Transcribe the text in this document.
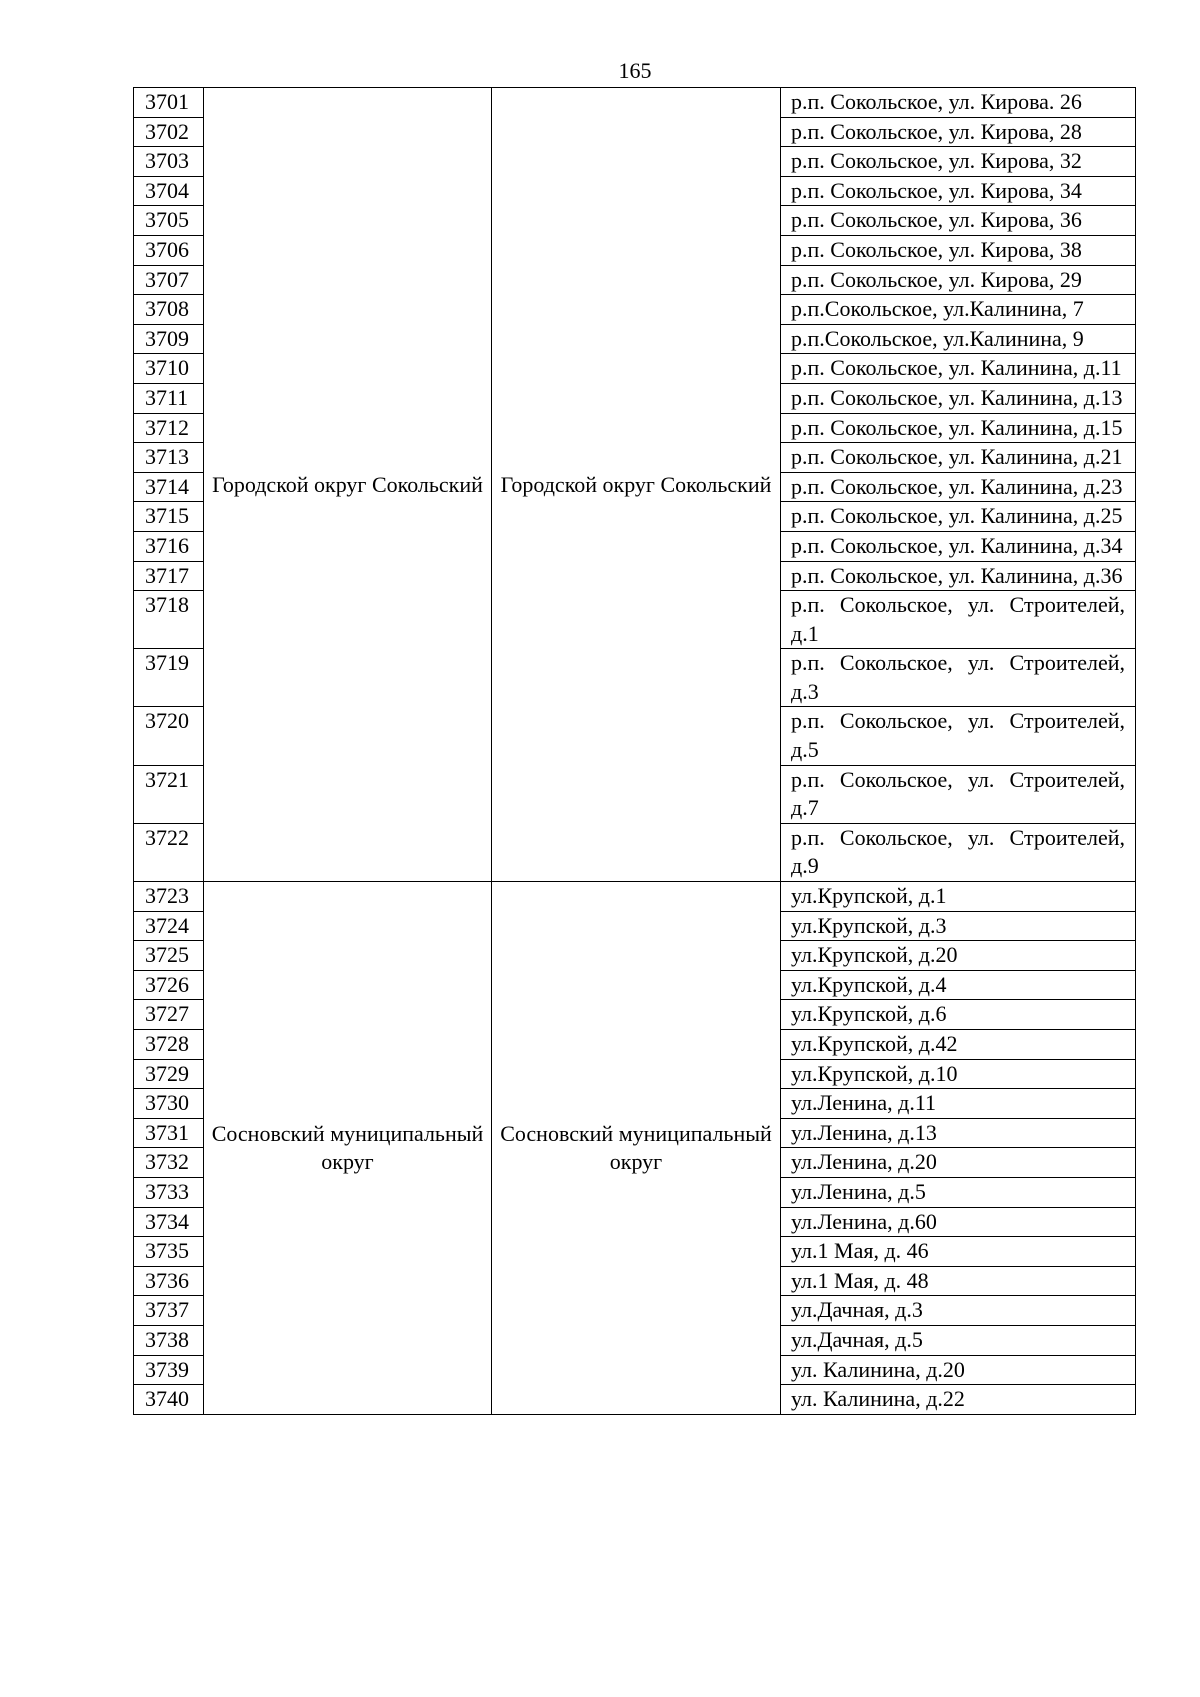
165
3701	Городской округ Сокольский	Городской округ Сокольский	р.п. Сокольское, ул. Кирова. 26
3702			р.п. Сокольское, ул. Кирова, 28
3703			р.п. Сокольское, ул. Кирова, 32
3704			р.п. Сокольское, ул. Кирова, 34
3705			р.п. Сокольское, ул. Кирова, 36
3706			р.п. Сокольское, ул. Кирова, 38
3707			р.п. Сокольское, ул. Кирова, 29
3708			р.п.Сокольское, ул.Калинина, 7
3709			р.п.Сокольское, ул.Калинина, 9
3710			р.п. Сокольское, ул. Калинина, д.11
3711			р.п. Сокольское, ул. Калинина, д.13
3712			р.п. Сокольское, ул. Калинина, д.15
3713			р.п. Сокольское, ул. Калинина, д.21
3714			р.п. Сокольское, ул. Калинина, д.23
3715			р.п. Сокольское, ул. Калинина, д.25
3716			р.п. Сокольское, ул. Калинина, д.34
3717			р.п. Сокольское, ул. Калинина, д.36
3718			р.п. Сокольское, ул. Строителей, д.1
3719			р.п. Сокольское, ул. Строителей, д.3
3720			р.п. Сокольское, ул. Строителей, д.5
3721			р.п. Сокольское, ул. Строителей, д.7
3722			р.п. Сокольское, ул. Строителей, д.9
3723	Сосновский муниципальный округ	Сосновский муниципальный округ	ул.Крупской, д.1
3724			ул.Крупской, д.3
3725			ул.Крупской, д.20
3726			ул.Крупской, д.4
3727			ул.Крупской, д.6
3728			ул.Крупской, д.42
3729			ул.Крупской, д.10
3730			ул.Ленина, д.11
3731			ул.Ленина, д.13
3732			ул.Ленина, д.20
3733			ул.Ленина, д.5
3734			ул.Ленина, д.60
3735			ул.1 Мая, д. 46
3736			ул.1 Мая, д. 48
3737			ул.Дачная, д.3
3738			ул.Дачная, д.5
3739			ул. Калинина, д.20
3740			ул. Калинина, д.22
